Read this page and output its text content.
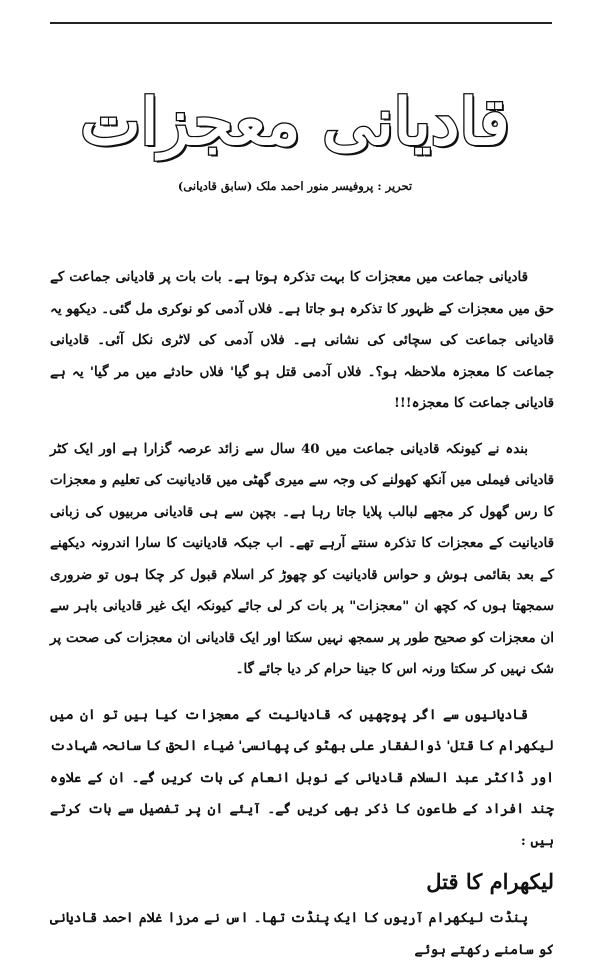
قادیانی معجزات
تحریر : پروفیسر منور احمد ملک (سابق قادیانی)

قادیانی جماعت میں معجزات کا بہت تذکرہ ہوتا ہے۔ بات بات پر قادیانی جماعت کے حق میں معجزات کے ظہور کا تذکرہ ہو جاتا ہے۔ فلاں آدمی کو نوکری مل گئی۔ دیکھو یہ قادیانی جماعت کی سچائی کی نشانی ہے۔ فلاں آدمی کی لاٹری نکل آئی۔ قادیانی جماعت کا معجزہ ملاحظہ ہو؟۔ فلاں آدمی قتل ہو گیا' فلاں حادثے میں مر گیا' یہ ہے قادیانی جماعت کا معجزہ!!!

بندہ نے کیونکہ قادیانی جماعت میں 40 سال سے زائد عرصہ گزارا ہے اور ایک کٹر قادیانی فیملی میں آنکھ کھولنے کی وجہ سے میری گھٹی میں قادیانیت کی تعلیم و معجزات کا رس گھول کر مجھے لبالب پلایا جاتا رہا ہے۔ بچپن سے ہی قادیانی مربیوں کی زبانی قادیانیت کے معجزات کا تذکرہ سنتے آرہے تھے۔ اب جبکہ قادیانیت کا سارا اندرونہ دیکھنے کے بعد بقائمی ہوش و حواس قادیانیت کو چھوڑ کر اسلام قبول کر چکا ہوں تو ضروری سمجھتا ہوں کہ کچھ ان "معجزات" پر بات کر لی جائے کیونکہ ایک غیر قادیانی باہر سے ان معجزات کو صحیح طور پر سمجھ نہیں سکتا اور ایک قادیانی ان معجزات کی صحت پر شک نہیں کر سکتا ورنہ اس کا جینا حرام کر دیا جائے گا۔

قادیانیوں سے اگر پوچھیں کہ قادیانیت کے معجزات کیا ہیں تو ان میں لیکھرام کا قتل' ذوالفقار علی بھٹو کی پھانسی' ضیاء الحق کا سانحہ شہادت اور ڈاکٹر عبد السلام قادیانی کے نوبل انعام کی بات کریں گے۔ ان کے علاوہ چند افراد کے طاعون کا ذکر بھی کریں گے۔ آیئے ان پر تفصیل سے بات کرتے ہیں :

لیکھرام کا قتل

پنڈت لیکھرام آریوں کا ایک پنڈت تھا۔ اس نے مرزا غلام احمد قادیانی کو سامنے رکھتے ہوئے
